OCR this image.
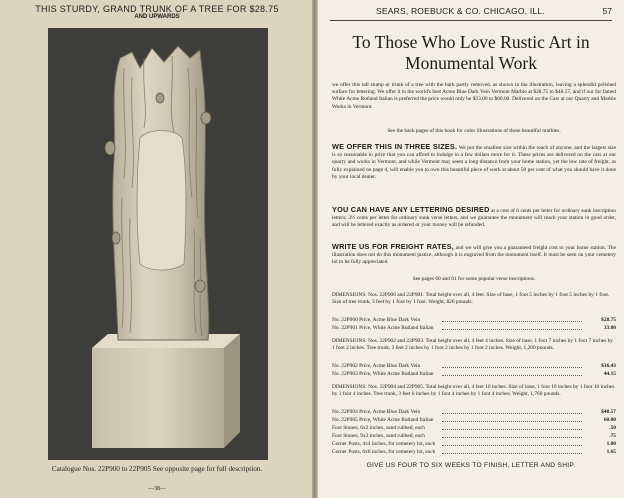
THIS STURDY, GRAND TRUNK OF A TREE FOR $28.75
AND UPWARDS
Catalogue Nos. 22P900 to 22P905 See opposite page for full description.
—38—
SEARS, ROEBUCK & CO. CHICAGO, ILL.	57
To Those Who Love Rustic Art in
Monumental Work
we offer this tall stump or trunk of a tree with the bark partly removed, as shown in the illustration, leaving a splendid polished surface for lettering. We offer it in the world's best Acme Blue Dark Vein Vermont Marble at $28.75 to $48.57, and if our far famed White Acme Rutland Italian is preferred the price would only be $33.00 to $60.00. Delivered on the Cars at our Quarry and Marble Works in Vermont.
See the back pages of this book for color illustrations of these beautiful marbles.
WE OFFER THIS IN THREE SIZES. We put the smallest size within the reach of anyone, and the largest size is so reasonable in price that you can afford to indulge in a few dollars more for it. These prices are delivered on the cars at our quarry and works in Vermont, and while Vermont may seem a long distance from your home station, yet the low rate of freight, as fully explained on page 4, will enable you to own this beautiful piece of work at about 50 per cent of what you should have it done by your local dealer.
YOU CAN HAVE ANY LETTERING DESIRED at a cost of 6 cents per letter for ordinary sunk inscription letters; 3½ cents per letter for ordinary sunk verse letters, and we guarantee the monument will reach your station in good order, and will be lettered exactly as ordered or your money will be refunded.
WRITE US FOR FREIGHT RATES, and we will give you a guaranteed freight cost to your home station. The illustration does not do this monument justice, although it is engraved from the monument itself. It must be seen on your cemetery lot to be fully appreciated
See pages 60 and 61 for some popular verse inscriptions.
DIMENSIONS: Nos. 22P900 and 22P901. Total height over all, 4 feet. Size of base, 1 foot 5 inches by 1 foot 5 inches by 1 foot. Size of tree trunk, 3 feet by 1 foot by 1 foot. Weight, 820 pounds.
No. 22P900 Price, Acme Blue Dark Vein	$28.75
No. 22P901 Price, White Acme Rutland Italian	33.00
DIMENSIONS: Nos. 22P902 and 22P903. Total height over all, 4 feet 4 inches. Size of base, 1 foot 7 inches by 1 foot 7 inches by 1 foot 2 inches. Tree trunk, 3 feet 2 inches by 1 foot 2 inches by 1 foot 2 inches. Weight, 1,200 pounds.
No. 22P902 Price, Acme Blue Dark Vein	$36.43
No. 22P903 Price, White Acme Rutland Italian	44.15
DIMENSIONS: Nos. 22P904 and 22P905. Total height over all, 4 feet 10 inches. Size of base, 1 foot 10 inches by 1 foot 10 inches by 1 foot 4 inches. Tree trunk, 3 feet 6 inches by 1 foot 4 inches by 1 foot 4 inches. Weight, 1,760 pounds.
No. 22P904 Price, Acme Blue Dark Vein	$48.57
No. 22P905 Price, White Acme Rutland Italian	60.00
Foot Stones, 6x2 inches, sand rubbed, each	.50
Foot Stones, 9x3 inches, sand rubbed, each	.75
Corner Posts, 4x4 inches, for cemetery lot, each	1.00
Corner Posts, 6x6 inches, for cemetery lot, each	1.65
GIVE US FOUR TO SIX WEEKS TO FINISH, LETTER AND SHIP.
